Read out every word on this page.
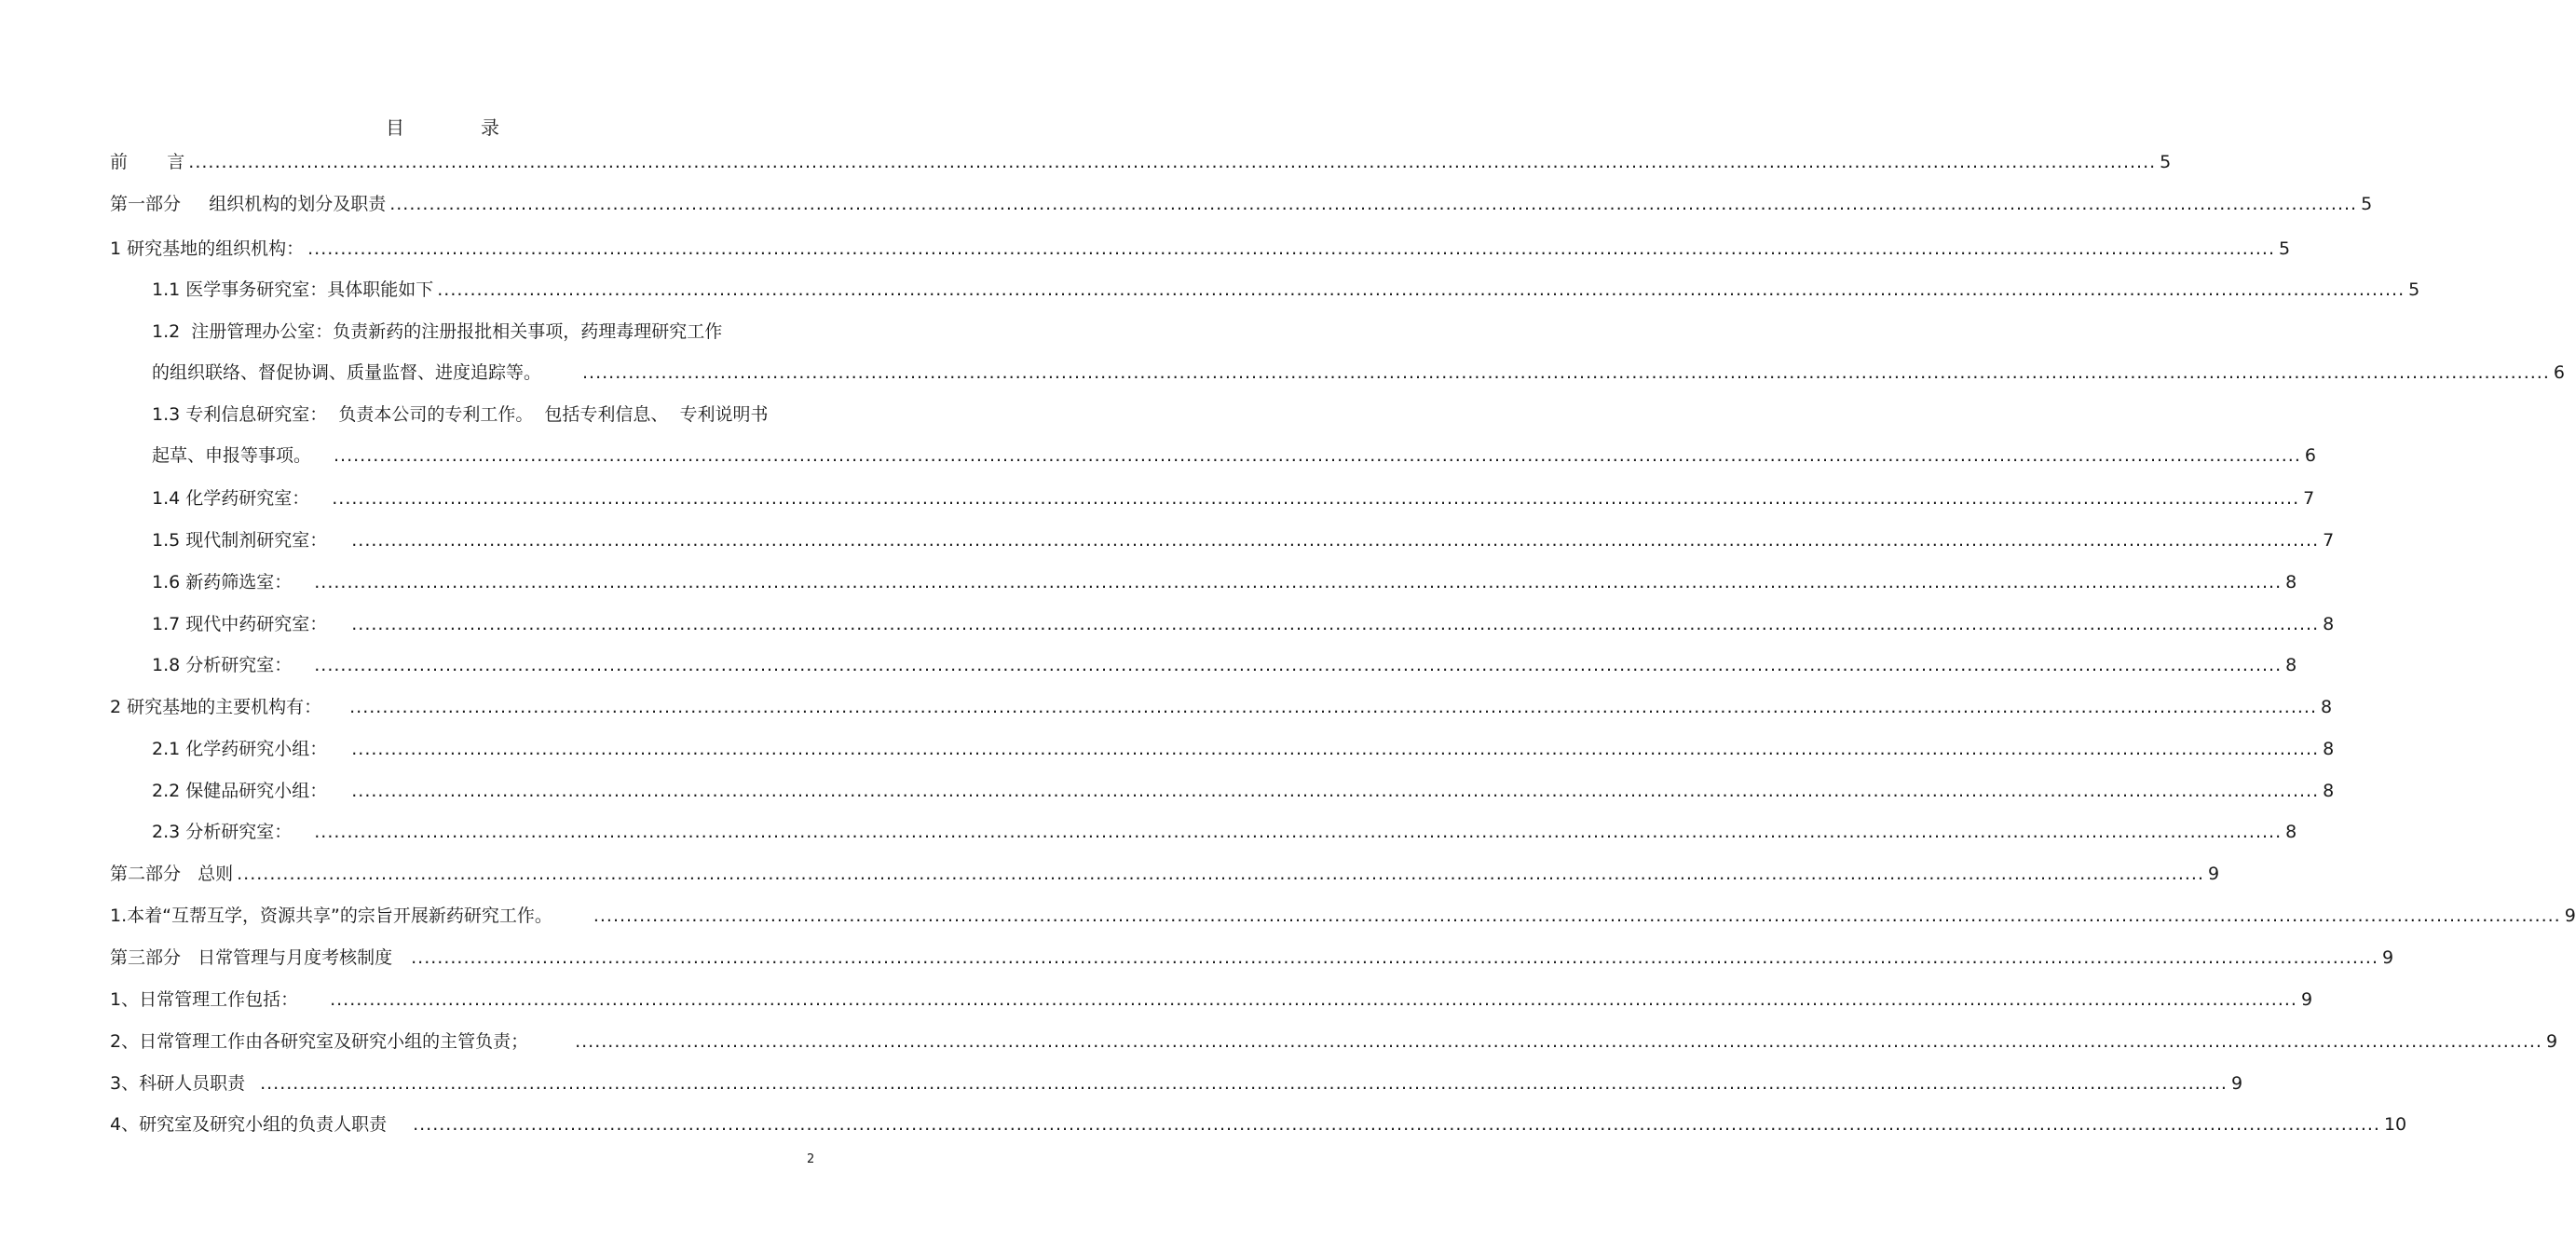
目	录
前       言 ............................................................................................................................................................................................................................................................................................................ 5
第一部分     组织机构的划分及职责 ............................................................................................................................................................................................................................................................................................................ 5
1 研究基地的组织机构： ............................................................................................................................................................................................................................................................................................................ 5
1.1 医学事务研究室：具体职能如下 ............................................................................................................................................................................................................................................................................................................ 5
1.2  注册管理办公室：负责新药的注册报批相关事项，药理毒理研究工作
的组织联络、督促协调、质量监督、进度追踪等。 ............................................................................................................................................................................................................................................................................................................ 6
1.3 专利信息研究室：  负责本公司的专利工作。  包括专利信息、  专利说明书
起草、申报等事项。 ............................................................................................................................................................................................................................................................................................................ 6
1.4 化学药研究室： ............................................................................................................................................................................................................................................................................................................ 7
1.5 现代制剂研究室： ............................................................................................................................................................................................................................................................................................................ 7
1.6 新药筛选室： ............................................................................................................................................................................................................................................................................................................ 8
1.7 现代中药研究室： ............................................................................................................................................................................................................................................................................................................ 8
1.8 分析研究室： ............................................................................................................................................................................................................................................................................................................ 8
2 研究基地的主要机构有： ............................................................................................................................................................................................................................................................................................................ 8
2.1 化学药研究小组： ............................................................................................................................................................................................................................................................................................................ 8
2.2 保健品研究小组： ............................................................................................................................................................................................................................................................................................................ 8
2.3 分析研究室： ............................................................................................................................................................................................................................................................................................................ 8
第二部分   总则 ............................................................................................................................................................................................................................................................................................................ 9
1.本着“互帮互学，资源共享”的宗旨开展新药研究工作。 ............................................................................................................................................................................................................................................................................................................ 9
第三部分   日常管理与月度考核制度 ............................................................................................................................................................................................................................................................................................................ 9
1、日常管理工作包括： ............................................................................................................................................................................................................................................................................................................ 9
2、日常管理工作由各研究室及研究小组的主管负责；	............................................................................................................................................................................................................................................................................................................ 9
3、科研人员职责 ............................................................................................................................................................................................................................................................................................................ 9
4、研究室及研究小组的负责人职责 ............................................................................................................................................................................................................................................................................................................ 10
2
